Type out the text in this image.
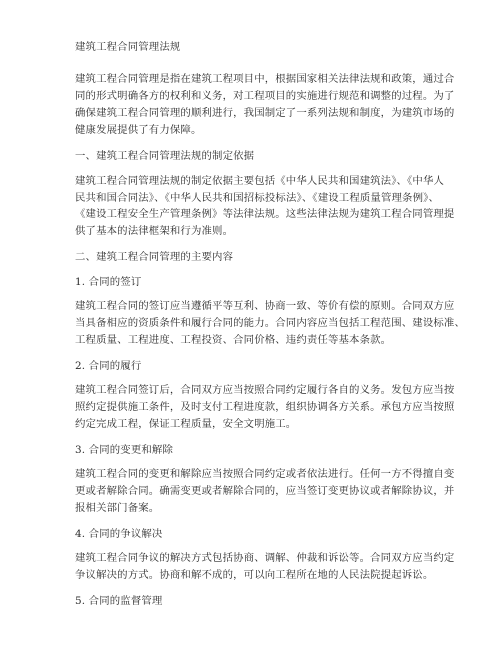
建筑工程合同管理法规
建筑工程合同管理是指在建筑工程项目中，根据国家相关法律法规和政策，通过合
同的形式明确各方的权利和义务，对工程项目的实施进行规范和调整的过程。为了
确保建筑工程合同管理的顺利进行，我国制定了一系列法规和制度，为建筑市场的
健康发展提供了有力保障。
一、建筑工程合同管理法规的制定依据
建筑工程合同管理法规的制定依据主要包括《中华人民共和国建筑法》、《中华人
民共和国合同法》、《中华人民共和国招标投标法》、《建设工程质量管理条例》、
《建设工程安全生产管理条例》等法律法规。这些法律法规为建筑工程合同管理提
供了基本的法律框架和行为准则。
二、建筑工程合同管理的主要内容
1. 合同的签订
建筑工程合同的签订应当遵循平等互利、协商一致、等价有偿的原则。合同双方应
当具备相应的资质条件和履行合同的能力。合同内容应当包括工程范围、建设标准、
工程质量、工程进度、工程投资、合同价格、违约责任等基本条款。
2. 合同的履行
建筑工程合同签订后，合同双方应当按照合同约定履行各自的义务。发包方应当按
照约定提供施工条件，及时支付工程进度款，组织协调各方关系。承包方应当按照
约定完成工程，保证工程质量，安全文明施工。
3. 合同的变更和解除
建筑工程合同的变更和解除应当按照合同约定或者依法进行。任何一方不得擅自变
更或者解除合同。确需变更或者解除合同的，应当签订变更协议或者解除协议，并
报相关部门备案。
4. 合同的争议解决
建筑工程合同争议的解决方式包括协商、调解、仲裁和诉讼等。合同双方应当约定
争议解决的方式。协商和解不成的，可以向工程所在地的人民法院提起诉讼。
5. 合同的监督管理
